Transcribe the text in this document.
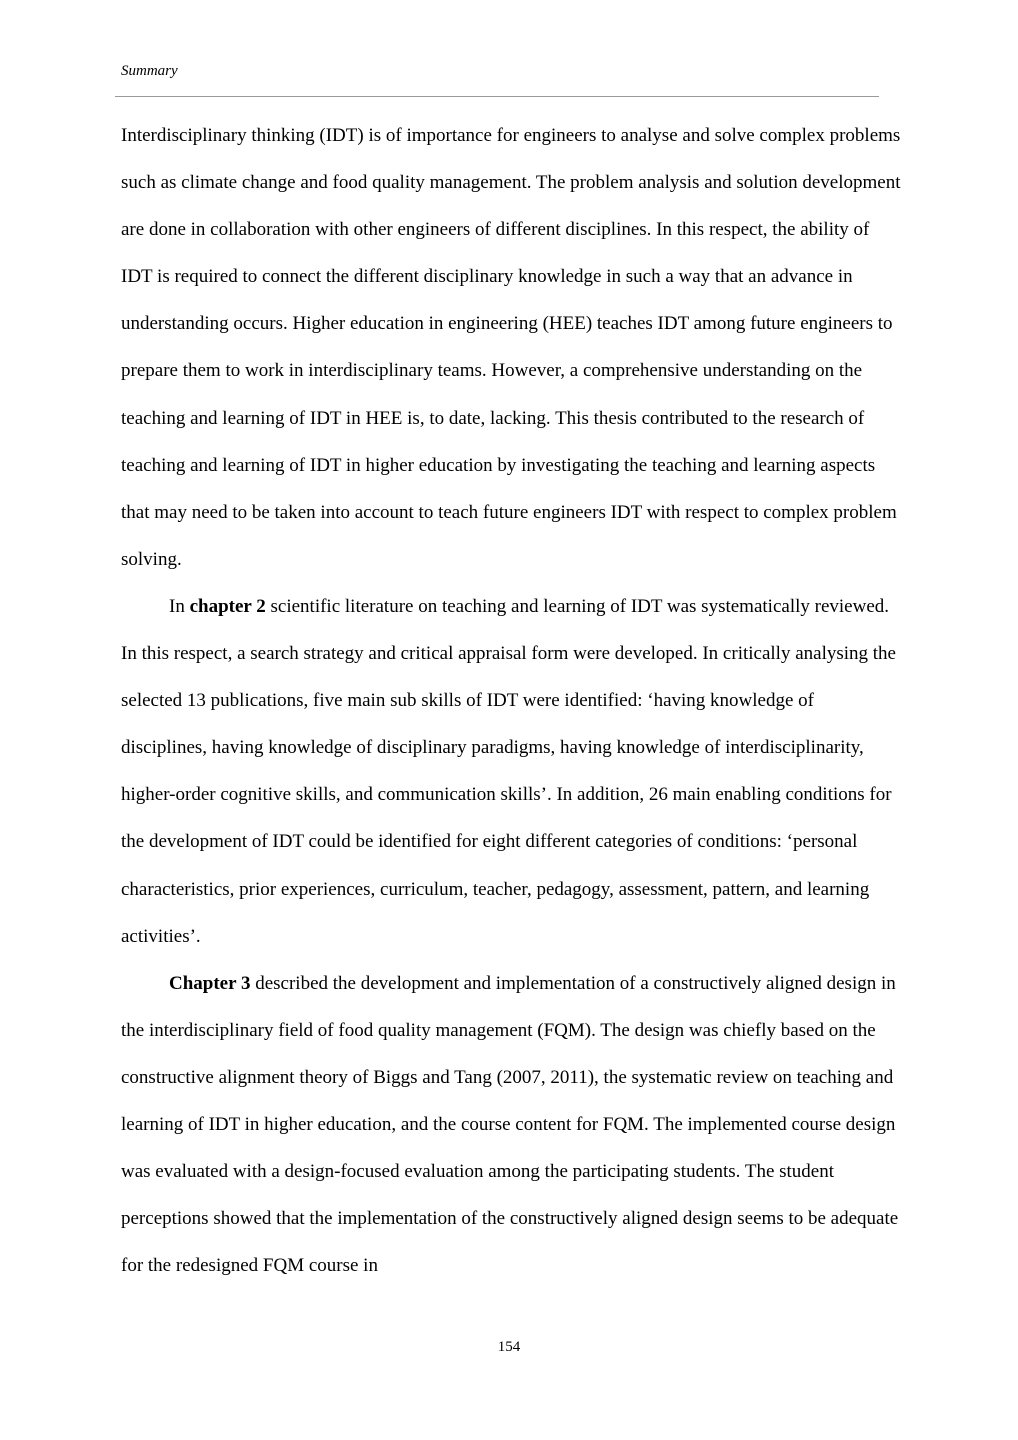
Summary

Interdisciplinary thinking (IDT) is of importance for engineers to analyse and solve complex problems such as climate change and food quality management. The problem analysis and solution development are done in collaboration with other engineers of different disciplines. In this respect, the ability of IDT is required to connect the different disciplinary knowledge in such a way that an advance in understanding occurs. Higher education in engineering (HEE) teaches IDT among future engineers to prepare them to work in interdisciplinary teams. However, a comprehensive understanding on the teaching and learning of IDT in HEE is, to date, lacking. This thesis contributed to the research of teaching and learning of IDT in higher education by investigating the teaching and learning aspects that may need to be taken into account to teach future engineers IDT with respect to complex problem solving.

In chapter 2 scientific literature on teaching and learning of IDT was systematically reviewed. In this respect, a search strategy and critical appraisal form were developed. In critically analysing the selected 13 publications, five main sub skills of IDT were identified: ‘having knowledge of disciplines, having knowledge of disciplinary paradigms, having knowledge of interdisciplinarity, higher-order cognitive skills, and communication skills’. In addition, 26 main enabling conditions for the development of IDT could be identified for eight different categories of conditions: ‘personal characteristics, prior experiences, curriculum, teacher, pedagogy, assessment, pattern, and learning activities’.

Chapter 3 described the development and implementation of a constructively aligned design in the interdisciplinary field of food quality management (FQM). The design was chiefly based on the constructive alignment theory of Biggs and Tang (2007, 2011), the systematic review on teaching and learning of IDT in higher education, and the course content for FQM. The implemented course design was evaluated with a design-focused evaluation among the participating students. The student perceptions showed that the implementation of the constructively aligned design seems to be adequate for the redesigned FQM course in

154
